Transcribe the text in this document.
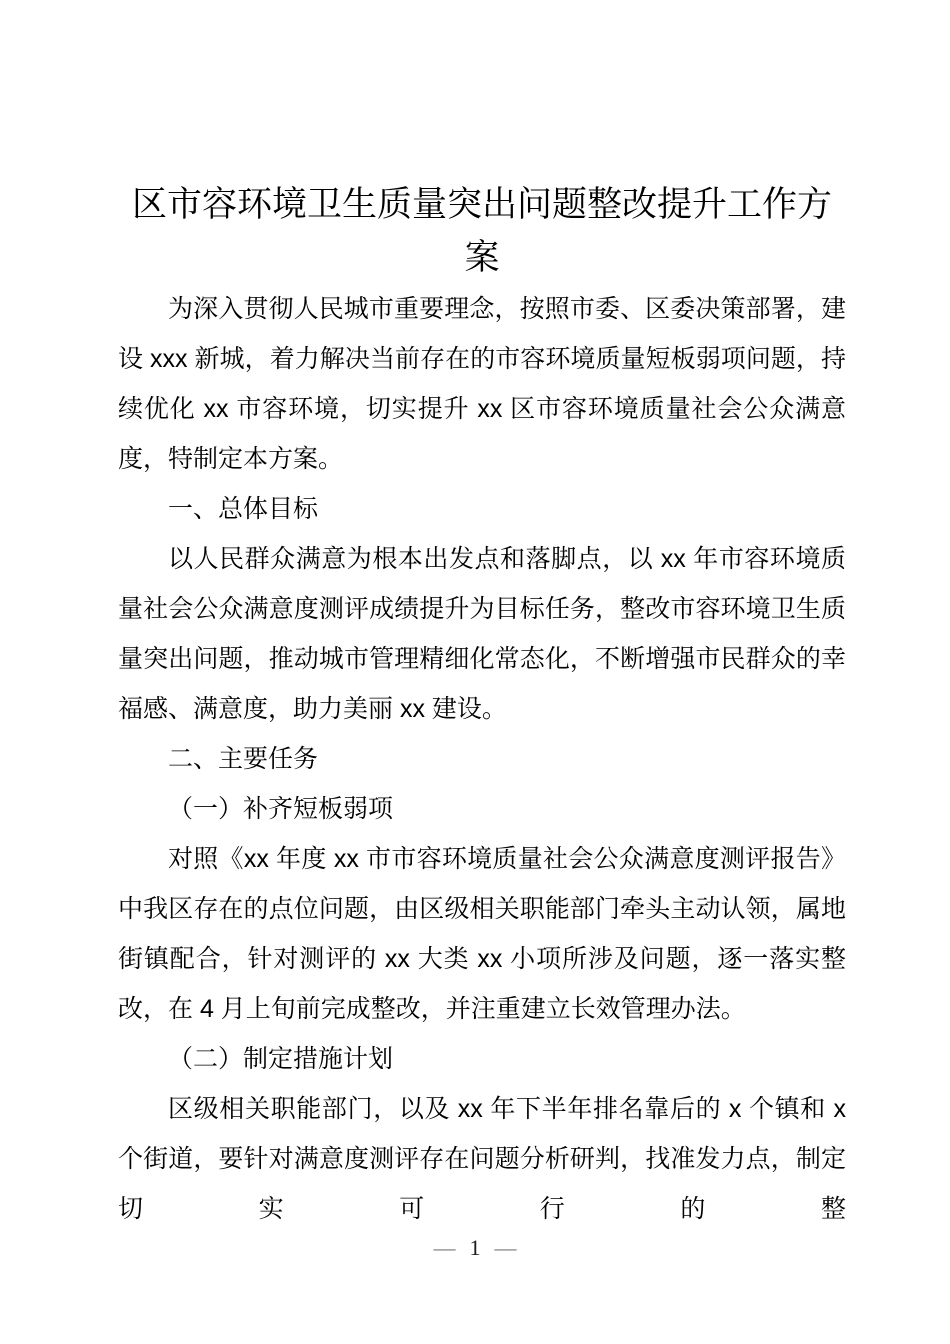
区市容环境卫生质量突出问题整改提升工作方案

为深入贯彻人民城市重要理念，按照市委、区委决策部署，建设 xxx 新城，着力解决当前存在的市容环境质量短板弱项问题，持续优化 xx 市容环境，切实提升 xx 区市容环境质量社会公众满意度，特制定本方案。

一、总体目标

以人民群众满意为根本出发点和落脚点，以 xx 年市容环境质量社会公众满意度测评成绩提升为目标任务，整改市容环境卫生质量突出问题，推动城市管理精细化常态化，不断增强市民群众的幸福感、满意度，助力美丽 xx 建设。

二、主要任务

（一）补齐短板弱项

对照《xx 年度 xx 市市容环境质量社会公众满意度测评报告》中我区存在的点位问题，由区级相关职能部门牵头主动认领，属地街镇配合，针对测评的 xx 大类 xx 小项所涉及问题，逐一落实整改，在 4 月上旬前完成整改，并注重建立长效管理办法。

（二）制定措施计划

区级相关职能部门，以及 xx 年下半年排名靠后的 x 个镇和 x 个街道，要针对满意度测评存在问题分析研判，找准发力点，制定切实可行的整

— 1 —
